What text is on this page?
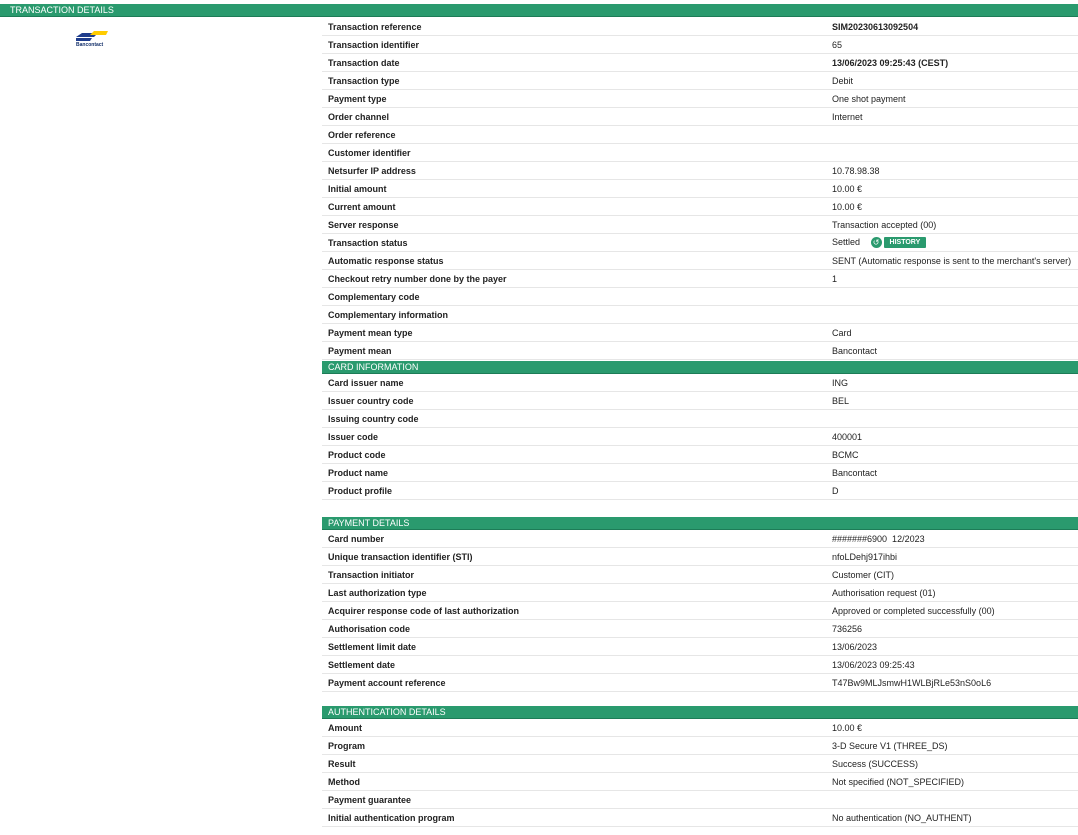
TRANSACTION DETAILS
Bancontact
Transaction reference	SIM20230613092504
Transaction identifier	65
Transaction date	13/06/2023 09:25:43 (CEST)
Transaction type	Debit
Payment type	One shot payment
Order channel	Internet
Order reference	
Customer identifier	
Netsurfer IP address	10.78.98.38
Initial amount	10.00 €
Current amount	10.00 €
Server response	Transaction accepted (00)
Transaction status	Settled ↺ HISTORY
Automatic response status	SENT (Automatic response is sent to the merchant's server)
Checkout retry number done by the payer	1
Complementary code	
Complementary information	
Payment mean type	Card
Payment mean	Bancontact
CARD INFORMATION
Card issuer name	ING
Issuer country code	BEL
Issuing country code	
Issuer code	400001
Product code	BCMC
Product name	Bancontact
Product profile	D
PAYMENT DETAILS
Card number	#######6900  12/2023
Unique transaction identifier (STI)	nfoLDehj917ihbi
Transaction initiator	Customer (CIT)
Last authorization type	Authorisation request (01)
Acquirer response code of last authorization	Approved or completed successfully (00)
Authorisation code	736256
Settlement limit date	13/06/2023
Settlement date	13/06/2023 09:25:43
Payment account reference	T47Bw9MLJsmwH1WLBjRLe53nS0oL6
AUTHENTICATION DETAILS
Amount	10.00 €
Program	3-D Secure V1 (THREE_DS)
Result	Success (SUCCESS)
Method	Not specified (NOT_SPECIFIED)
Payment guarantee	
Initial authentication program	No authentication (NO_AUTHENT)
